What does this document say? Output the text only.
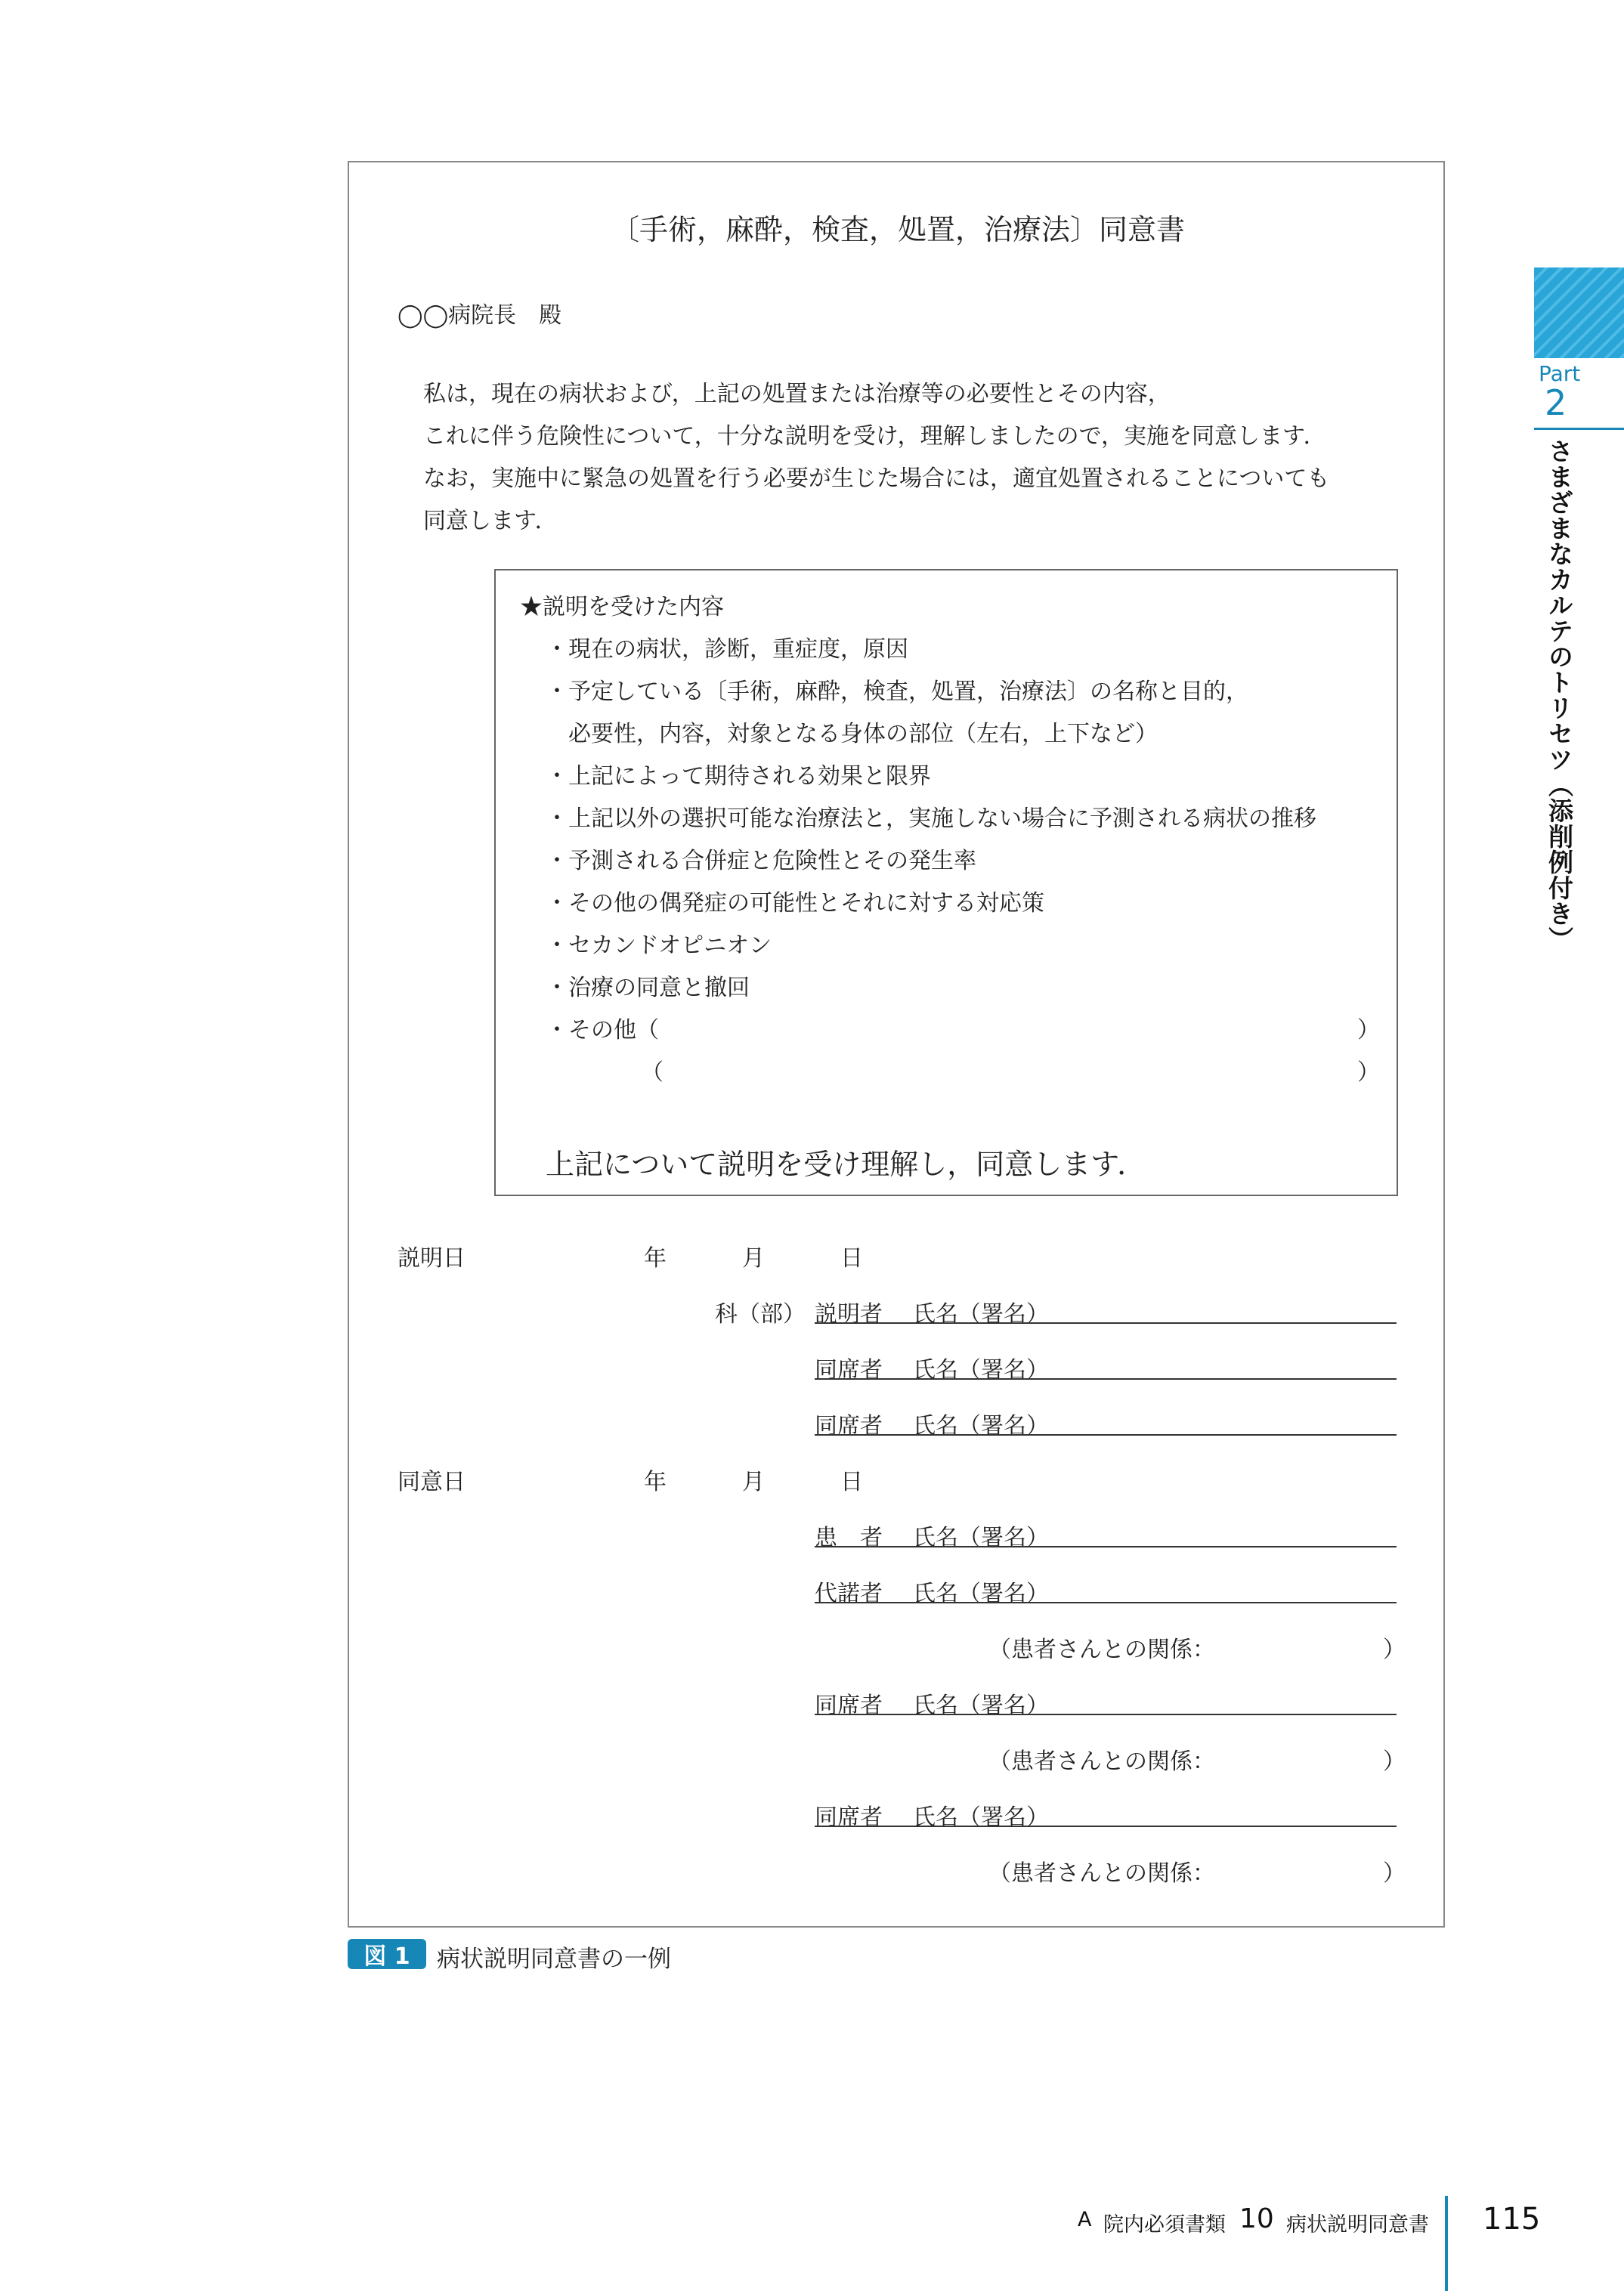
〔手術，麻酔，検査，処置，治療法〕同意書
◯◯病院長　殿
私は，現在の病状および，上記の処置または治療等の必要性とその内容，
これに伴う危険性について，十分な説明を受け，理解しましたので，実施を同意します．
なお，実施中に緊急の処置を行う必要が生じた場合には，適宜処置されることについても
同意します．
★説明を受けた内容
・現在の病状，診断，重症度，原因
・予定している〔手術，麻酔，検査，処置，治療法〕の名称と目的，
必要性，内容，対象となる身体の部位（左右，上下など）
・上記によって期待される効果と限界
・上記以外の選択可能な治療法と，実施しない場合に予測される病状の推移
・予測される合併症と危険性とその発生率
・その他の偶発症の可能性とそれに対する対応策
・セカンドオピニオン
・治療の同意と撤回
・その他（	）
（	）
上記について説明を受け理解し，同意します．
説明日	年	月	日
科（部） 説明者 氏名（署名）
同席者 氏名（署名）
同席者 氏名（署名）
同意日	年	月	日
患　者 氏名（署名）
代諾者 氏名（署名）
（患者さんとの関係：	）
同席者 氏名（署名）
（患者さんとの関係：	）
同席者 氏名（署名）
（患者さんとの関係：	）
Part
2
さまざまなカルテのトリセツ（添削例付き）
図 1	病状説明同意書の一例
A 院内必須書類 10 病状説明同意書 115
